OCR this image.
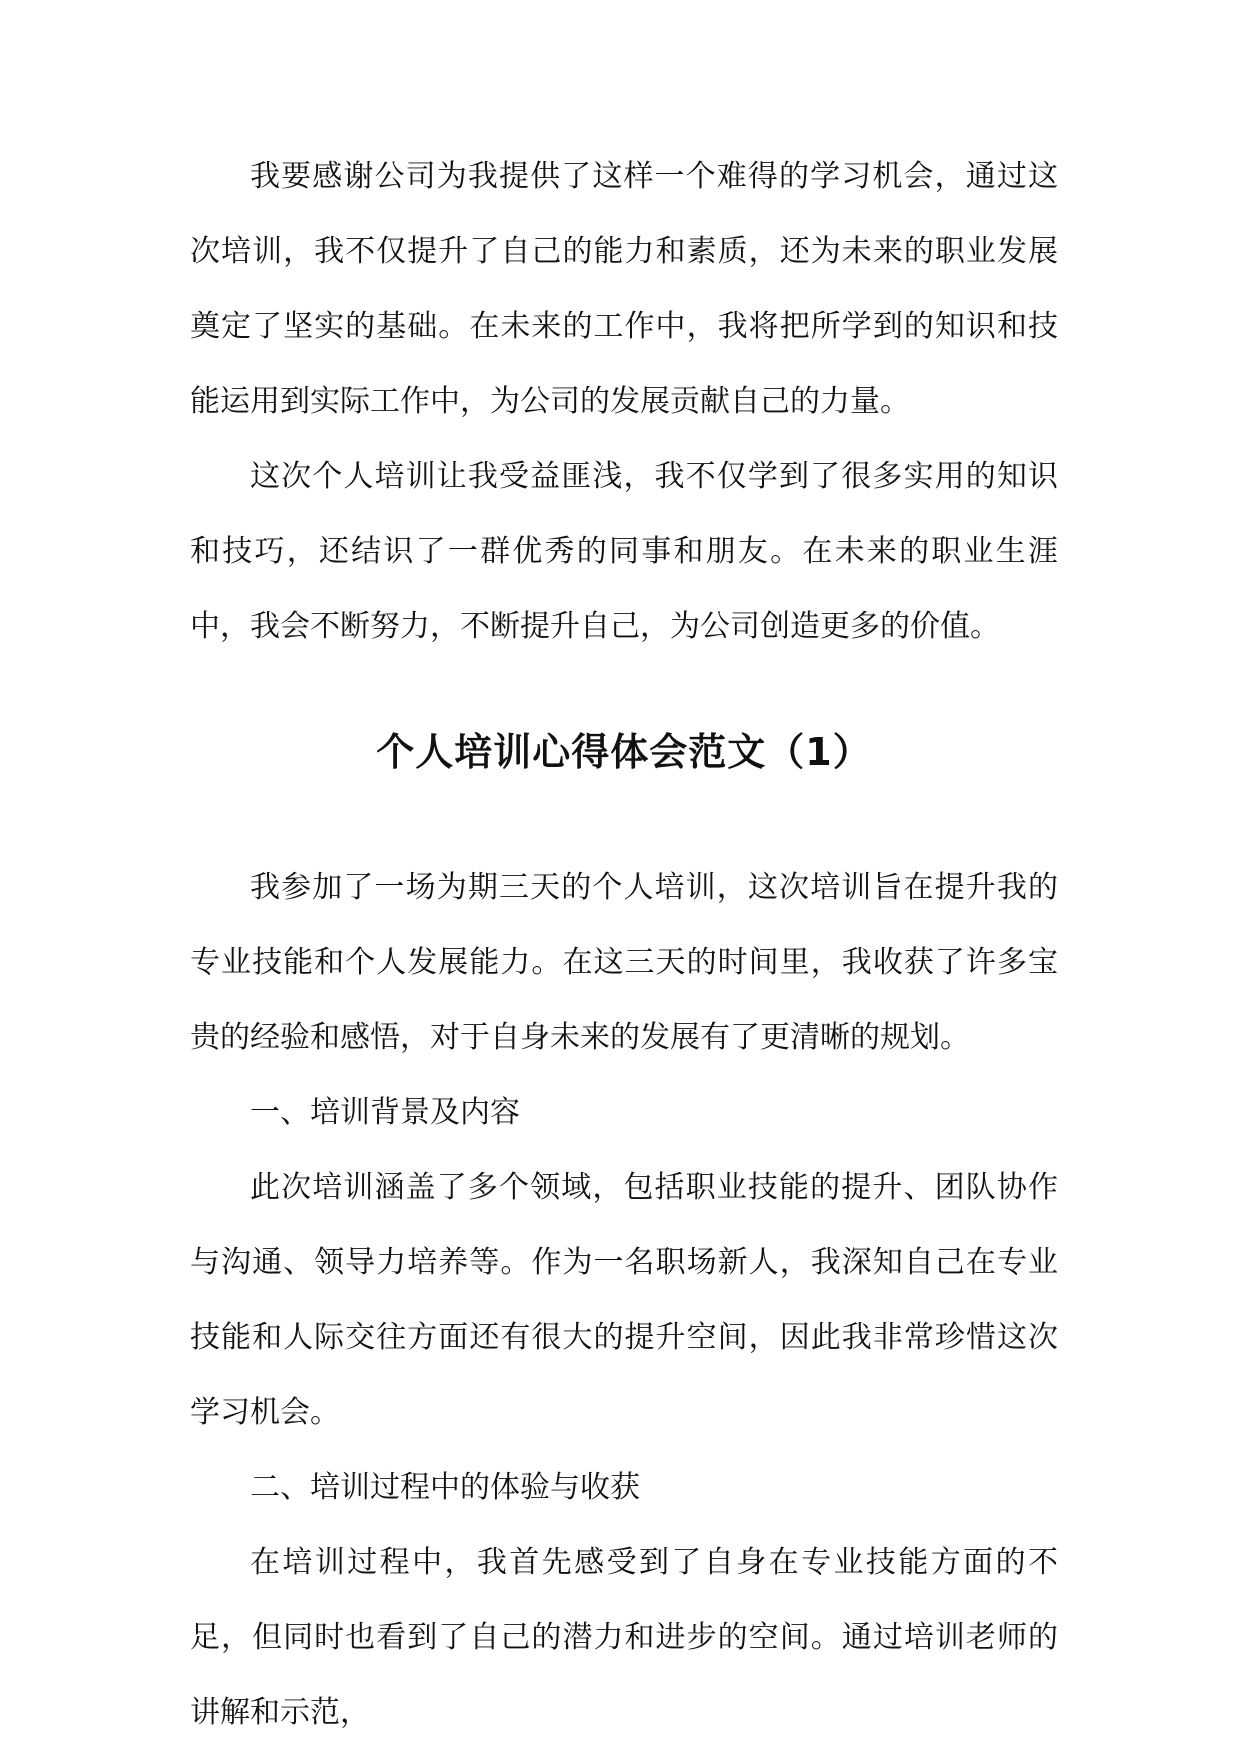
我要感谢公司为我提供了这样一个难得的学习机会，通过这次培训，我不仅提升了自己的能力和素质，还为未来的职业发展奠定了坚实的基础。在未来的工作中，我将把所学到的知识和技能运用到实际工作中，为公司的发展贡献自己的力量。

这次个人培训让我受益匪浅，我不仅学到了很多实用的知识和技巧，还结识了一群优秀的同事和朋友。在未来的职业生涯中，我会不断努力，不断提升自己，为公司创造更多的价值。

个人培训心得体会范文（1）

我参加了一场为期三天的个人培训，这次培训旨在提升我的专业技能和个人发展能力。在这三天的时间里，我收获了许多宝贵的经验和感悟，对于自身未来的发展有了更清晰的规划。

一、培训背景及内容

此次培训涵盖了多个领域，包括职业技能的提升、团队协作与沟通、领导力培养等。作为一名职场新人，我深知自己在专业技能和人际交往方面还有很大的提升空间，因此我非常珍惜这次学习机会。

二、培训过程中的体验与收获

在培训过程中，我首先感受到了自身在专业技能方面的不足，但同时也看到了自己的潜力和进步的空间。通过培训老师的讲解和示范，
